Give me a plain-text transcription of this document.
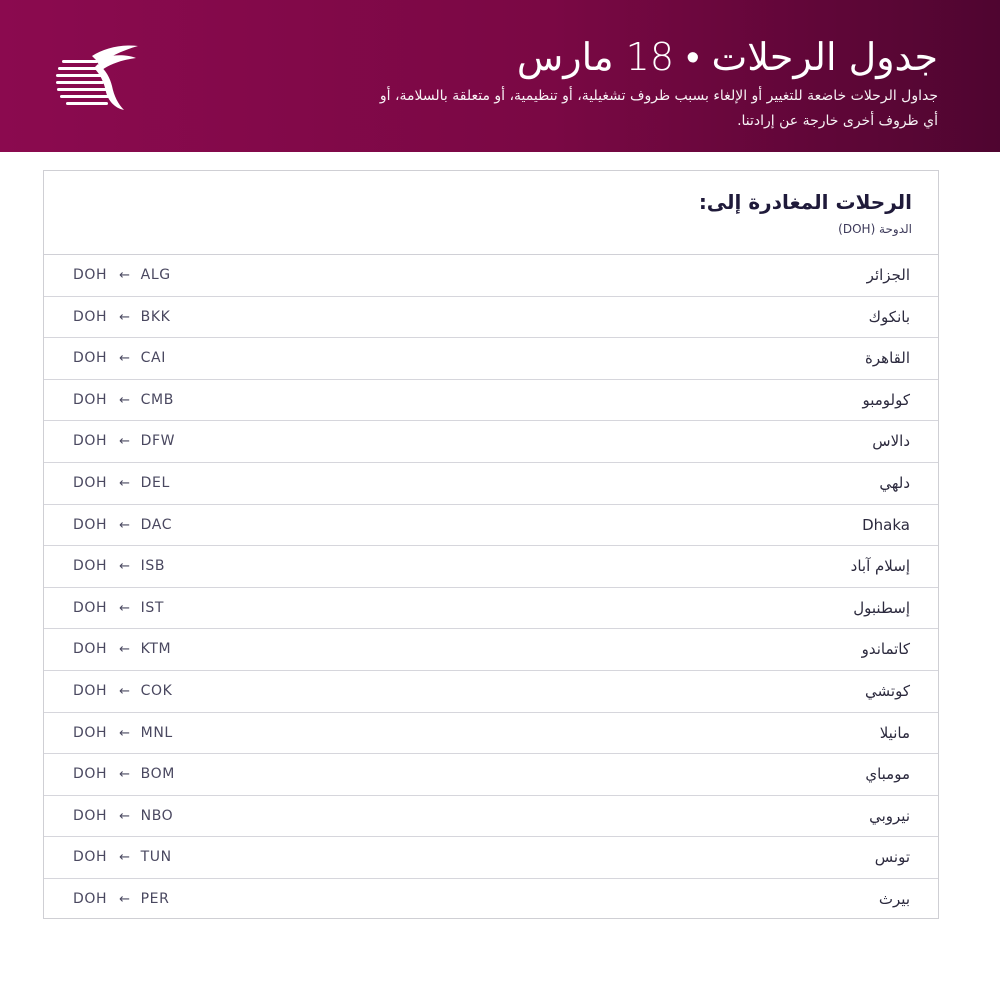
جدول الرحلات • 18 مارس
جداول الرحلات خاضعة للتغيير أو الإلغاء بسبب ظروف تشغيلية، أو تنظيمية، أو متعلقة بالسلامة، أو أي ظروف أخرى خارجة عن إرادتنا.
الرحلات المغادرة إلى:
الدوحة (DOH)
الجزائر
DOH ← ALG
بانكوك
DOH ← BKK
القاهرة
DOH ← CAI
كولومبو
DOH ← CMB
دالاس
DOH ← DFW
دلهي
DOH ← DEL
Dhaka
DOH ← DAC
إسلام آباد
DOH ← ISB
إسطنبول
DOH ← IST
كاتماندو
DOH ← KTM
كوتشي
DOH ← COK
مانيلا
DOH ← MNL
مومباي
DOH ← BOM
نيروبي
DOH ← NBO
تونس
DOH ← TUN
بيرث
DOH ← PER
